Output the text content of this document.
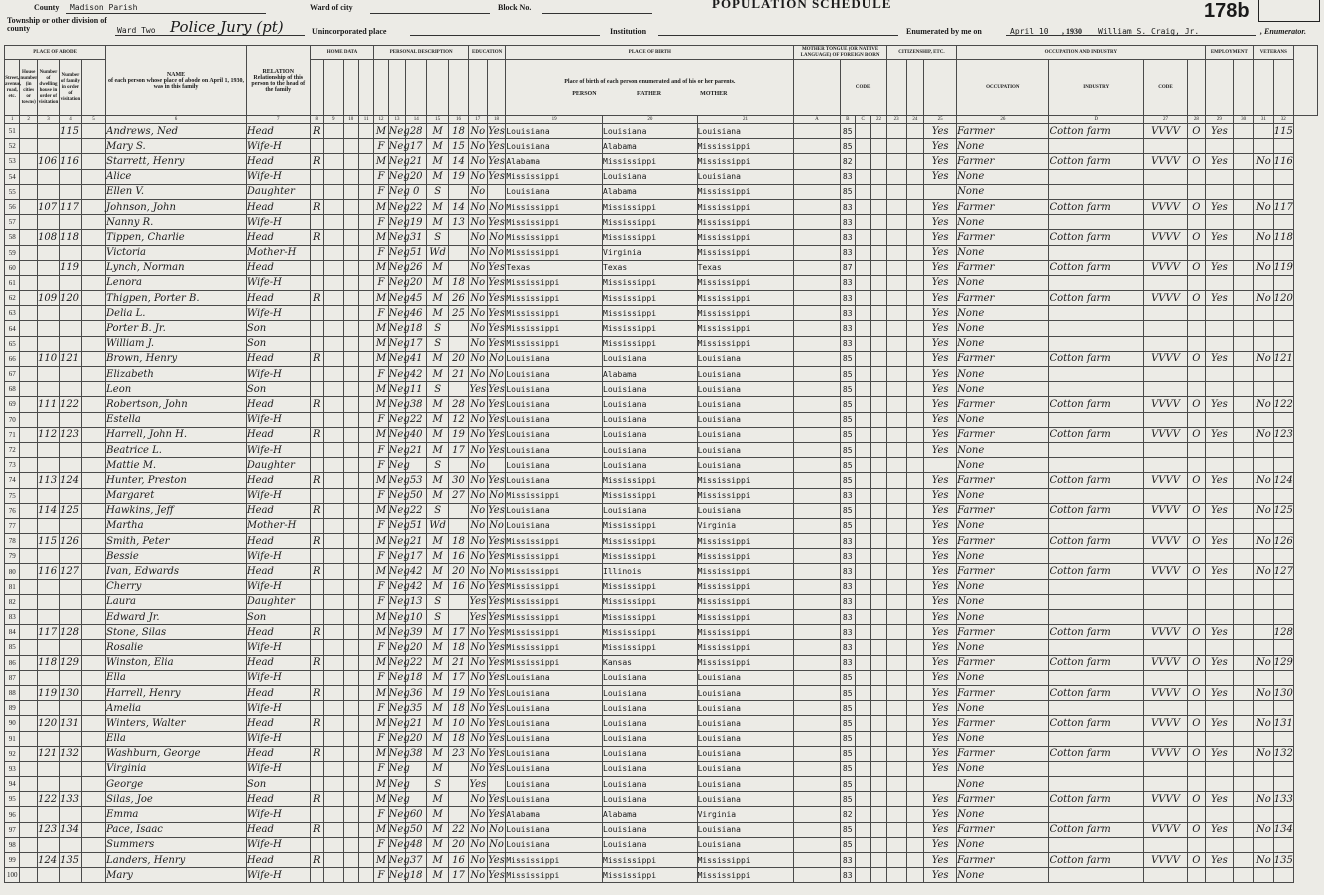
County Madison Parish	Ward of city	Block No.	POPULATION SCHEDULE	178b
Township or other division of county	Ward Two Police Jury (pt)	Unincorporated place	Institution	Enumerated by me on	April 10 , 1930 William S. Craig, Jr.	, Enumerator.
PLACE OF ABODE					NAME
of each person whose place of abode on April 1, 1930, was in this family	RELATION
Relationship of this person to the head of the family	HOME DATA				PERSONAL DESCRIPTION					EDUCATION		PLACE OF BIRTH			MOTHER TONGUE (OR NATIVE LANGUAGE) OF FOREIGN BORN				CITIZENSHIP, ETC.			OCCUPATION AND INDUSTRY				EMPLOYMENT		VETERANS		
Street, avenue, road, etc.	House number (in cities or towns)	Number of dwelling house in order of visitation	Number of family in order of visitation															Place of birth of each person enumerated and of his or her parents.

PERSON FATHER MOTHER				CODE						OCCUPATION	INDUSTRY	CODE						
1	2	3	4	5	6	7	8	9	10	11	12	13	14	15	16	17	18	19	20	21	A	B	C	22	23	24	25	26	D	27	28	29	30	31	32	
51			115		Andrews, Ned	Head	R				M	Neg	28	M	18	No	Yes	Louisiana	Louisiana	Louisiana		85					Yes	Farmer	Cotton farm	VVVV	O	Yes			115	
52					Mary S.	Wife-H					F	Neg	17	M	15	No	Yes	Louisiana	Alabama	Mississippi		85					Yes	None								
53		106	116		Starrett, Henry	Head	R				M	Neg	21	M	14	No	Yes	Alabama	Mississippi	Mississippi		82					Yes	Farmer	Cotton farm	VVVV	O	Yes		No	116	
54					Alice	Wife-H					F	Neg	20	M	19	No	Yes	Mississippi	Louisiana	Louisiana		83					Yes	None								
55					Ellen V.	Daughter					F	Neg	0	S		No		Louisiana	Alabama	Mississippi		85						None								
56		107	117		Johnson, John	Head	R				M	Neg	22	M	14	No	No	Mississippi	Mississippi	Mississippi		83					Yes	Farmer	Cotton farm	VVVV	O	Yes		No	117	
57					Nanny R.	Wife-H					F	Neg	19	M	13	No	Yes	Mississippi	Mississippi	Mississippi		83					Yes	None								
58		108	118		Tippen, Charlie	Head	R				M	Neg	31	S		No	No	Mississippi	Mississippi	Mississippi		83					Yes	Farmer	Cotton farm	VVVV	O	Yes		No	118	
59					Victoria	Mother-H					F	Neg	51	Wd		No	No	Mississippi	Virginia	Mississippi		83					Yes	None								
60			119		Lynch, Norman	Head					M	Neg	26	M		No	Yes	Texas	Texas	Texas		87					Yes	Farmer	Cotton farm	VVVV	O	Yes		No	119	
61					Lenora	Wife-H					F	Neg	20	M	18	No	Yes	Mississippi	Mississippi	Mississippi		83					Yes	None								
62		109	120		Thigpen, Porter B.	Head	R				M	Neg	45	M	26	No	Yes	Mississippi	Mississippi	Mississippi		83					Yes	Farmer	Cotton farm	VVVV	O	Yes		No	120	
63					Delia L.	Wife-H					F	Neg	46	M	25	No	Yes	Mississippi	Mississippi	Mississippi		83					Yes	None								
64					Porter B. Jr.	Son					M	Neg	18	S		No	Yes	Mississippi	Mississippi	Mississippi		83					Yes	None								
65					William J.	Son					M	Neg	17	S		No	Yes	Mississippi	Mississippi	Mississippi		83					Yes	None								
66		110	121		Brown, Henry	Head	R				M	Neg	41	M	20	No	No	Louisiana	Louisiana	Louisiana		85					Yes	Farmer	Cotton farm	VVVV	O	Yes		No	121	
67					Elizabeth	Wife-H					F	Neg	42	M	21	No	No	Louisiana	Alabama	Louisiana		85					Yes	None								
68					Leon	Son					M	Neg	11	S		Yes	Yes	Louisiana	Louisiana	Louisiana		85					Yes	None								
69		111	122		Robertson, John	Head	R				M	Neg	38	M	28	No	Yes	Louisiana	Louisiana	Louisiana		85					Yes	Farmer	Cotton farm	VVVV	O	Yes		No	122	
70					Estella	Wife-H					F	Neg	22	M	12	No	Yes	Louisiana	Louisiana	Louisiana		85					Yes	None								
71		112	123		Harrell, John H.	Head	R				M	Neg	40	M	19	No	Yes	Louisiana	Louisiana	Louisiana		85					Yes	Farmer	Cotton farm	VVVV	O	Yes		No	123	
72					Beatrice L.	Wife-H					F	Neg	21	M	17	No	Yes	Louisiana	Louisiana	Louisiana		85					Yes	None								
73					Mattie M.	Daughter					F	Neg		S		No		Louisiana	Louisiana	Louisiana		85						None								
74		113	124		Hunter, Preston	Head	R				M	Neg	53	M	30	No	Yes	Louisiana	Mississippi	Mississippi		85					Yes	Farmer	Cotton farm	VVVV	O	Yes		No	124	
75					Margaret	Wife-H					F	Neg	50	M	27	No	No	Mississippi	Mississippi	Mississippi		83					Yes	None								
76		114	125		Hawkins, Jeff	Head	R				M	Neg	22	S		No	Yes	Louisiana	Louisiana	Louisiana		85					Yes	Farmer	Cotton farm	VVVV	O	Yes		No	125	
77					Martha	Mother-H					F	Neg	51	Wd		No	No	Louisiana	Mississippi	Virginia		85					Yes	None								
78		115	126		Smith, Peter	Head	R				M	Neg	21	M	18	No	Yes	Mississippi	Mississippi	Mississippi		83					Yes	Farmer	Cotton farm	VVVV	O	Yes		No	126	
79					Bessie	Wife-H					F	Neg	17	M	16	No	Yes	Mississippi	Mississippi	Mississippi		83					Yes	None								
80		116	127		Ivan, Edwards	Head	R				M	Neg	42	M	20	No	No	Mississippi	Illinois	Mississippi		83					Yes	Farmer	Cotton farm	VVVV	O	Yes		No	127	
81					Cherry	Wife-H					F	Neg	42	M	16	No	Yes	Mississippi	Mississippi	Mississippi		83					Yes	None								
82					Laura	Daughter					F	Neg	13	S		Yes	Yes	Mississippi	Mississippi	Mississippi		83					Yes	None								
83					Edward Jr.	Son					M	Neg	10	S		Yes	Yes	Mississippi	Mississippi	Mississippi		83					Yes	None								
84		117	128		Stone, Silas	Head	R				M	Neg	39	M	17	No	Yes	Mississippi	Mississippi	Mississippi		83					Yes	Farmer	Cotton farm	VVVV	O	Yes			128	
85					Rosalie	Wife-H					F	Neg	20	M	18	No	Yes	Mississippi	Mississippi	Mississippi		83					Yes	None								
86		118	129		Winston, Elia	Head	R				M	Neg	22	M	21	No	Yes	Mississippi	Kansas	Mississippi		83					Yes	Farmer	Cotton farm	VVVV	O	Yes		No	129	
87					Ella	Wife-H					F	Neg	18	M	17	No	Yes	Louisiana	Louisiana	Louisiana		85					Yes	None								
88		119	130		Harrell, Henry	Head	R				M	Neg	36	M	19	No	Yes	Louisiana	Louisiana	Louisiana		85					Yes	Farmer	Cotton farm	VVVV	O	Yes		No	130	
89					Amelia	Wife-H					F	Neg	35	M	18	No	Yes	Louisiana	Louisiana	Louisiana		85					Yes	None								
90		120	131		Winters, Walter	Head	R				M	Neg	21	M	10	No	Yes	Louisiana	Louisiana	Louisiana		85					Yes	Farmer	Cotton farm	VVVV	O	Yes		No	131	
91					Ella	Wife-H					F	Neg	20	M	18	No	Yes	Louisiana	Louisiana	Louisiana		85					Yes	None								
92		121	132		Washburn, George	Head	R				M	Neg	38	M	23	No	Yes	Louisiana	Louisiana	Louisiana		85					Yes	Farmer	Cotton farm	VVVV	O	Yes		No	132	
93					Virginia	Wife-H					F	Neg		M		No	Yes	Louisiana	Louisiana	Louisiana		85					Yes	None								
94					George	Son					M	Neg		S		Yes		Louisiana	Louisiana	Louisiana		85						None								
95		122	133		Silas, Joe	Head	R				M	Neg		M		No	Yes	Louisiana	Louisiana	Louisiana		85					Yes	Farmer	Cotton farm	VVVV	O	Yes		No	133	
96					Emma	Wife-H					F	Neg	60	M		No	Yes	Alabama	Alabama	Virginia		82					Yes	None								
97		123	134		Pace, Isaac	Head	R				M	Neg	50	M	22	No	No	Louisiana	Louisiana	Louisiana		85					Yes	Farmer	Cotton farm	VVVV	O	Yes		No	134	
98					Summers	Wife-H					F	Neg	48	M	20	No	No	Louisiana	Louisiana	Louisiana		85					Yes	None								
99		124	135		Landers, Henry	Head	R				M	Neg	37	M	16	No	Yes	Mississippi	Mississippi	Mississippi		83					Yes	Farmer	Cotton farm	VVVV	O	Yes		No	135	
100					Mary	Wife-H					F	Neg	18	M	17	No	Yes	Mississippi	Mississippi	Mississippi		83					Yes	None								
